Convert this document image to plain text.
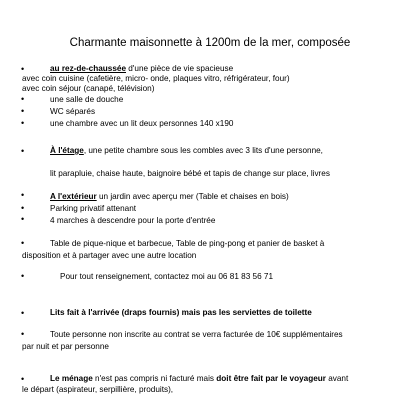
Charmante maisonnette à 1200m de la mer, composée
•	au rez-de-chaussée d'une pièce de vie spacieuse
avec coin cuisine (cafetière, micro- onde, plaques vitro, réfrigérateur, four)
avec coin séjour (canapé, télévision)
•	une salle de douche
•	WC séparés
•	une chambre avec un lit deux personnes 140 x190
•	À l'étage, une petite chambre sous les combles avec 3 lits d'une personne,
lit parapluie, chaise haute, baignoire bébé et tapis de change sur place, livres
•	A l'extérieur un jardin avec aperçu mer (Table et chaises en bois)
•	Parking privatif attenant
•	4 marches à descendre pour la porte d'entrée
•	Table de pique-nique et barbecue, Table de ping-pong et panier de basket à
disposition et à partager avec une autre location
•	Pour tout renseignement, contactez moi au 06 81 83 56 71
•	Lits fait à l'arrivée (draps fournis) mais pas les serviettes de toilette
•	Toute personne non inscrite au contrat se verra facturée de 10€ supplémentaires
par nuit et par personne
•	Le ménage n'est pas compris ni facturé mais doit être fait par le voyageur avant
le départ (aspirateur, serpillière, produits),
